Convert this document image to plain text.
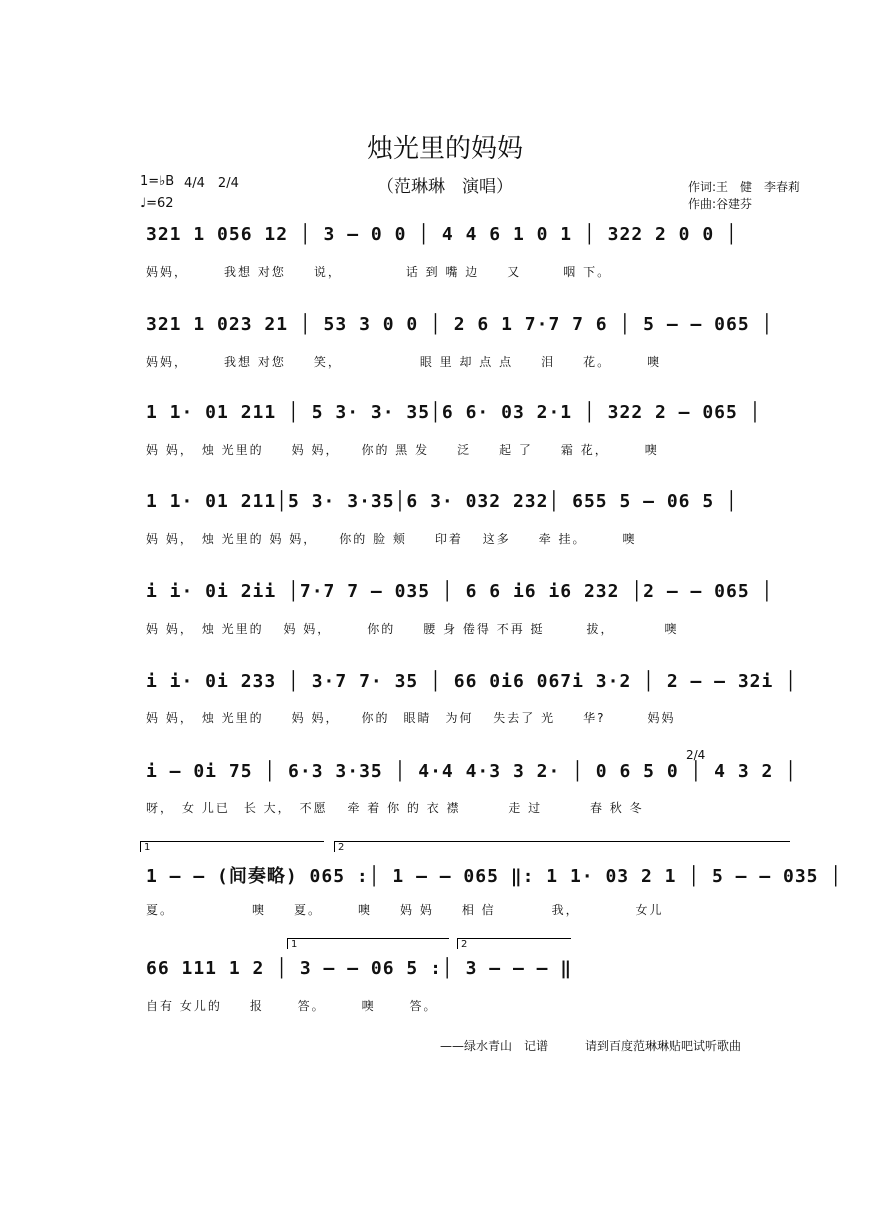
烛光里的妈妈
（范琳琳　演唱）
1=♭B 4/4　2/4
♩=62
作词:王　健　李春莉
作曲:谷建芬
321 1 056 12 │ 3 – 0 0 │ 4 4 6 1 0 1 │ 322 2 0 0 │
妈妈，　　　我想 对您　　说，　　　　　话 到 嘴 边　　又　　　咽 下。
321 1 023 21 │ 53 3 0 0 │ 2 6 1 7·7 7 6 │ 5 – – 065 │
妈妈，　　　我想 对您　　笑，　　　　　　眼 里 却 点 点　　泪　　花。　　　噢
1 1· 01 211 │ 5 3· 3· 35│6 6· 03 2·1 │ 322 2 – 065 │
妈 妈，　烛 光里的　　妈 妈，　　你的 黑 发　　泛　　起 了　　霜 花，　　　噢
1 1· 01 211│5 3· 3·35│6 3· 032 232│ 655 5 – 06 5 │
妈 妈，　烛 光里的 妈 妈，　　你的 脸 颊　　印着　 这多　　牵 挂。　　　噢
i i· 0i 2ii │7·7 7 – 035 │ 6 6 i6 i6 232 │2 – – 065 │
妈 妈，　烛 光里的　 妈 妈，　　　你的　　腰 身 倦得 不再 挺　　　拔，　　　　噢
i i· 0i 233 │ 3·7 7· 35 │ 66 0i6 067i 3·2 │ 2 – – 32i │
妈 妈，　烛 光里的　　妈 妈，　　你的　眼睛　为何　 失去了 光　　华?　　　妈妈
2/4
i – 0i 75 │ 6·3 3·35 │ 4·4 4·3 3 2· │ 0 6 5 0 │ 4 3 2 │
呀，　女 儿已　长 大，　不愿　 牵 着 你 的 衣 襟　　　 走 过　　　 春 秋 冬
1	2
1 – – (间奏略) 065 :│ 1 – – 065 ‖: 1 1· 03 2 1 │ 5 – – 035 │
夏。　　　　　　噢　　夏。　　　噢　　妈 妈　　相 信　　　　我，　　　　 女儿
1	2
66 111 1 2 │ 3 – – 06 5 :│ 3 – – – ‖
自有 女儿的　　报　　 答。　　　噢　　 答。
——绿水青山　记谱	请到百度范琳琳贴吧试听歌曲
